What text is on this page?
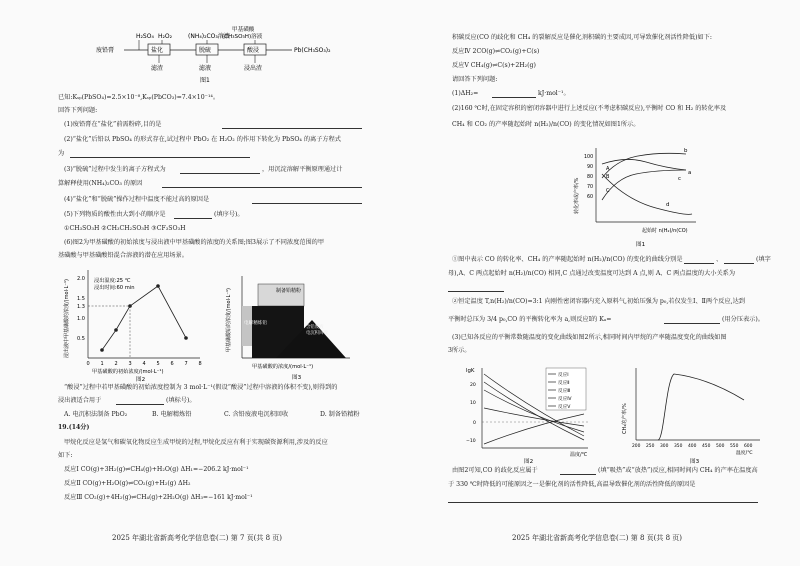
H₂SO₄ H₂O₂	(NH₄)₂CO₃溶液
甲基磺酸
(CH₃SO₃H)溶液
废铅膏	盐化	脱硫	酸浸	Pb(CH₃SO₃)₂
滤渣	滤液	浸出渣
图1
已知:Kₛₚ(PbSO₄)=2.5×10⁻⁸,Kₛₚ(PbCO₃)=7.4×10⁻¹⁴。
回答下列问题:
(1)废铅膏在“盐化”前需粉碎,目的是
(2)“盐化”后铅以 PbSO₄ 的形式存在,试过程中 PbO₂ 在 H₂O₂ 的作用下转化为 PbSO₄ 的离子方程式
为
(3)“脱硫”过程中发生的离子方程式为	，用沉淀溶解平衡原理通过计
算解释使用(NH₄)₂CO₃ 的原因
(4)“盐化”和“脱硫”操作过程中温度不能过高的原因是
(5)下列物质的酸性由大到小的顺序是	(填序号)。
①CH₃SO₃H ②CH₃CH₂SO₃H ③CF₃SO₃H
(6)图2为甲基磺酸的初始浓度与浸出液中甲基磺酸的浓度的关系图;图3展示了不同浓度范围的甲
基磺酸与甲基磺酸铅混合溶液的潜在应用场景。
浸出液中甲基磺酸的浓度/(mol·L⁻¹)	浸出温度:25 ℃
浸出时间:60 min
0 1 2 3 4 5 6 7 8
0.5
1.0
1.3
1.5
2.0
甲基磺酸的初始浓度/(mol·L⁻¹)
图2
甲基磺酸铅的浓度/(mol·L⁻¹)	制备铅精粉
电解精炼铅
含铅废液
电沉积回收
甲基磺酸的浓度/(mol·L⁻¹)
图3
“酸浸”过程中若甲基磺酸的初始浓度控制为 3 mol·L⁻¹(假设“酸浸”过程中溶液的体积不变),则得到的
浸出液适合用于	(填标号)。
A. 电沉积法制备 PbO₂	B. 电解精炼铅	C. 含铅废液电沉积回收	D. 制备铅精粉
19.(14分)
甲烷化反应是氢气和碳氧化物反应生成甲烷的过程,甲烷化反应有利于实现碳资源利用,涉及的反应
如下:
反应Ⅰ CO(g)+3H₂(g)⇌CH₄(g)+H₂O(g) ΔH₁=−206.2 kJ·mol⁻¹
反应Ⅱ CO(g)+H₂O(g)⇌CO₂(g)+H₂(g) ΔH₂
反应Ⅲ CO₂(g)+4H₂(g)⇌CH₄(g)+2H₂O(g) ΔH₃=−161 kJ·mol⁻¹
2025 年湖北省新高考化学信息卷(二) 第 7 页(共 8 页)
积碳反应(CO 的歧化和 CH₄ 的裂解反应是催化剂积碳的主要成因,可导致催化剂活性降低)如下:
反应Ⅳ 2CO(g)⇌CO₂(g)+C(s)
反应Ⅴ CH₄(g)⇌C(s)+2H₂(g)
请回答下列问题:
(1)ΔH₂=	kJ·mol⁻¹。
(2)160 ℃时,在固定容积的密闭容器中进行上述反应(不考虑积碳反应),平衡时 CO 和 H₂ 的转化率及
CH₄ 和 CO₂ 的产率随起始时 n(H₂)/n(CO) 的变化情况如图1所示。
转化率或产率/%
100
90
80
70
60
a
b
c
d
A
B
C
起始时 n(H₂)/n(CO)
图1
①图中表示 CO 的转化率、CH₄ 的产率随起始时 n(H₂)/n(CO) 的变化的曲线分别是	、	(填字
母),A、C 两点起始时 n(H₂)/n(CO) 相同,C 点通过改变温度可达到 A 点,则 A、C 两点温度的大小关系为
②恒定温度 T,n(H₂)/n(CO)=3:1 向刚性密闭容器内充入原料气,初始压强为 p₀,若仅发生Ⅰ、Ⅱ两个反应,达到
平衡时总压为 3/4 p₀,CO 的平衡转化率为 a,则反应Ⅰ的 Kₐ=	(用分压表示)。
(3)已知各反应的平衡常数随温度的变化曲线如图2所示,相同时间内甲烷的产率随温度变化的曲线如图
3所示。
lgK
20
10
0
−10
反应Ⅰ
反应Ⅱ
反应Ⅲ
反应Ⅳ
反应Ⅴ
温度/℃
图2
CH₄的产率/%
200 250 300 350 400 450 500 550 600
温度/℃
图3
由图2可知,CO 的歧化反应属于	(填“吸热”或“放热”)反应,相同时间内 CH₄ 的产率在温度高
于 330 ℃时降低的可能原因之一是催化剂的活性降低,高温导致催化剂的活性降低的原因是
2025 年湖北省新高考化学信息卷(二) 第 8 页(共 8 页)
